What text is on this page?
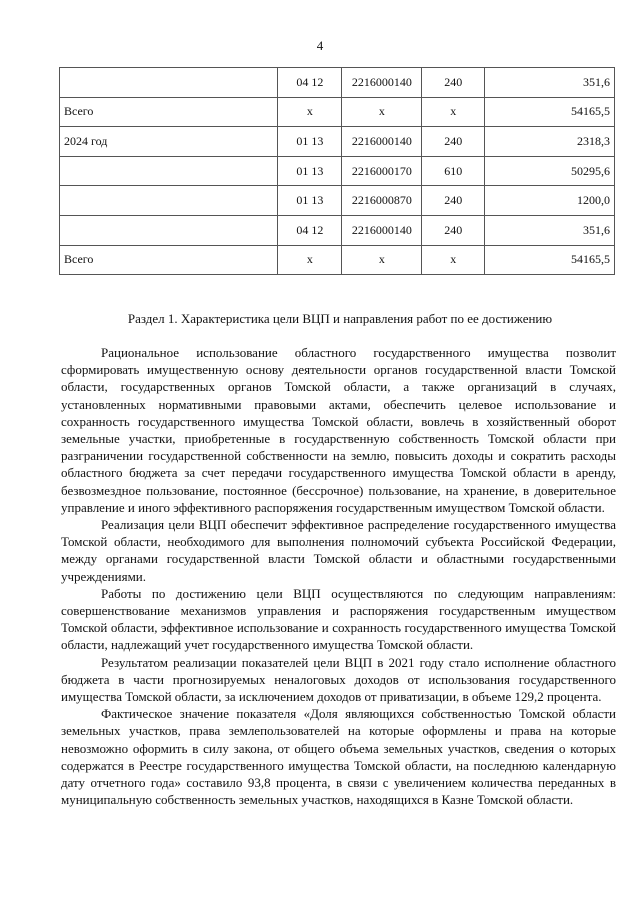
4
	04 12	2216000140	240	351,6
Всего	х	х	х	54165,5
2024 год	01 13	2216000140	240	2318,3
	01 13	2216000170	610	50295,6
	01 13	2216000870	240	1200,0
	04 12	2216000140	240	351,6
Всего	х	х	х	54165,5
Раздел 1. Характеристика цели ВЦП и направления работ по ее достижению

Рациональное использование областного государственного имущества позволит сформировать имущественную основу деятельности органов государственной власти Томской области, государственных органов Томской области, а также организаций в случаях, установленных нормативными правовыми актами, обеспечить целевое использование и сохранность государственного имущества Томской области, вовлечь в хозяйственный оборот земельные участки, приобретенные в государственную собственность Томской области при разграничении государственной собственности на землю, повысить доходы и сократить расходы областного бюджета за счет передачи государственного имущества Томской области в аренду, безвозмездное пользование, постоянное (бессрочное) пользование, на хранение, в доверительное управление и иного эффективного распоряжения государственным имуществом Томской области.

Реализация цели ВЦП обеспечит эффективное распределение государственного имущества Томской области, необходимого для выполнения полномочий субъекта Российской Федерации, между органами государственной власти Томской области и областными государственными учреждениями.

Работы по достижению цели ВЦП осуществляются по следующим направлениям: совершенствование механизмов управления и распоряжения государственным имуществом Томской области, эффективное использование и сохранность государственного имущества Томской области, надлежащий учет государственного имущества Томской области.

Результатом реализации показателей цели ВЦП в 2021 году стало исполнение областного бюджета в части прогнозируемых неналоговых доходов от использования государственного имущества Томской области, за исключением доходов от приватизации, в объеме 129,2 процента.

Фактическое значение показателя «Доля являющихся собственностью Томской области земельных участков, права землепользователей на которые оформлены и права на которые невозможно оформить в силу закона, от общего объема земельных участков, сведения о которых содержатся в Реестре государственного имущества Томской области, на последнюю календарную дату отчетного года» составило 93,8 процента, в связи с увеличением количества переданных в муниципальную собственность земельных участков, находящихся в Казне Томской области.
